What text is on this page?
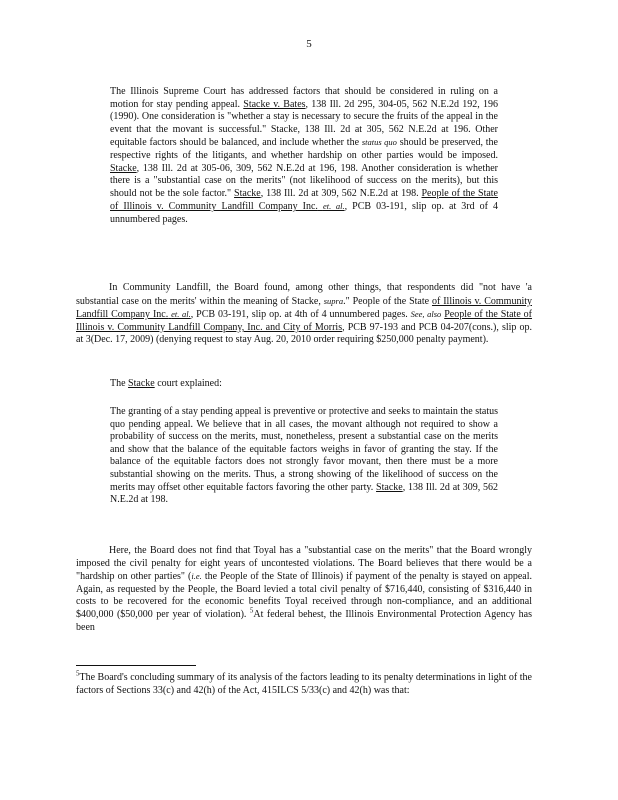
5

The Illinois Supreme Court has addressed factors that should be considered in ruling on a motion for stay pending appeal. Stacke v. Bates, 138 Ill. 2d 295, 304-05, 562 N.E.2d 192, 196 (1990). One consideration is "whether a stay is necessary to secure the fruits of the appeal in the event that the movant is successful." Stacke, 138 Ill. 2d at 305, 562 N.E.2d at 196. Other equitable factors should be balanced, and include whether the status quo should be preserved, the respective rights of the litigants, and whether hardship on other parties would be imposed. Stacke, 138 Ill. 2d at 305-06, 309, 562 N.E.2d at 196, 198. Another consideration is whether there is a "substantial case on the merits" (not likelihood of success on the merits), but this should not be the sole factor." Stacke, 138 Ill. 2d at 309, 562 N.E.2d at 198. People of the State of Illinois v. Community Landfill Company Inc. et. al., PCB 03-191, slip op. at 3rd of 4 unnumbered pages.

In Community Landfill, the Board found, among other things, that respondents did "not have 'a substantial case on the merits' within the meaning of Stacke, supra." People of the State of Illinois v. Community Landfill Company Inc. et. al., PCB 03-191, slip op. at 4th of 4 unnumbered pages. See, also People of the State of Illinois v. Community Landfill Company, Inc. and City of Morris, PCB 97-193 and PCB 04-207(cons.), slip op. at 3(Dec. 17, 2009) (denying request to stay Aug. 20, 2010 order requiring $250,000 penalty payment).

The Stacke court explained:

The granting of a stay pending appeal is preventive or protective and seeks to maintain the status quo pending appeal. We believe that in all cases, the movant although not required to show a probability of success on the merits, must, nonetheless, present a substantial case on the merits and show that the balance of the equitable factors weighs in favor of granting the stay. If the balance of the equitable factors does not strongly favor movant, then there must be a more substantial showing on the merits. Thus, a strong showing of the likelihood of success on the merits may offset other equitable factors favoring the other party. Stacke, 138 Ill. 2d at 309, 562 N.E.2d at 198.

Here, the Board does not find that Toyal has a "substantial case on the merits" that the Board wrongly imposed the civil penalty for eight years of uncontested violations. The Board believes that there would be a "hardship on other parties" (i.e. the People of the State of Illinois) if payment of the penalty is stayed on appeal. Again, as requested by the People, the Board levied a total civil penalty of $716,440, consisting of $316,440 in costs to be recovered for the economic benefits Toyal received through non-compliance, and an additional $400,000 ($50,000 per year of violation). $^5$At federal behest, the Illinois Environmental Protection Agency has been

$^5$The Board's concluding summary of its analysis of the factors leading to its penalty determinations in light of the factors of Sections 33(c) and 42(h) of the Act, 415ILCS 5/33(c) and 42(h) was that:
